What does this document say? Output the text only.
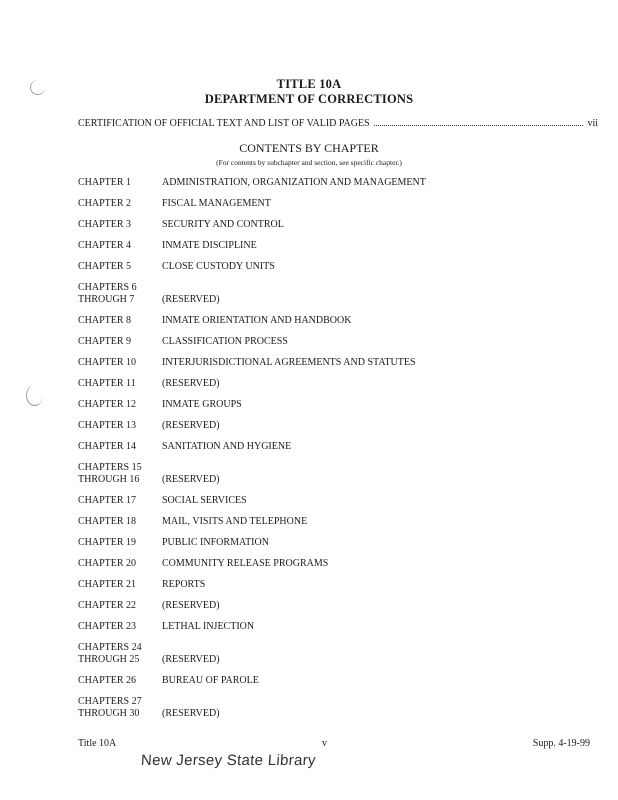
TITLE 10A
DEPARTMENT OF CORRECTIONS
CERTIFICATION OF OFFICIAL TEXT AND LIST OF VALID PAGES	vii
CONTENTS BY CHAPTER
(For contents by subchapter and section, see specific chapter.)
CHAPTER 1	ADMINISTRATION, ORGANIZATION AND MANAGEMENT
CHAPTER 2	FISCAL MANAGEMENT
CHAPTER 3	SECURITY AND CONTROL
CHAPTER 4	INMATE DISCIPLINE
CHAPTER 5	CLOSE CUSTODY UNITS
CHAPTERS 6
THROUGH 7	(RESERVED)
CHAPTER 8	INMATE ORIENTATION AND HANDBOOK
CHAPTER 9	CLASSIFICATION PROCESS
CHAPTER 10	INTERJURISDICTIONAL AGREEMENTS AND STATUTES
CHAPTER 11	(RESERVED)
CHAPTER 12	INMATE GROUPS
CHAPTER 13	(RESERVED)
CHAPTER 14	SANITATION AND HYGIENE
CHAPTERS 15
THROUGH 16	(RESERVED)
CHAPTER 17	SOCIAL SERVICES
CHAPTER 18	MAIL, VISITS AND TELEPHONE
CHAPTER 19	PUBLIC INFORMATION
CHAPTER 20	COMMUNITY RELEASE PROGRAMS
CHAPTER 21	REPORTS
CHAPTER 22	(RESERVED)
CHAPTER 23	LETHAL INJECTION
CHAPTERS 24
THROUGH 25	(RESERVED)
CHAPTER 26	BUREAU OF PAROLE
CHAPTERS 27
THROUGH 30	(RESERVED)
Title 10A	v	Supp. 4-19-99
New Jersey State Library
